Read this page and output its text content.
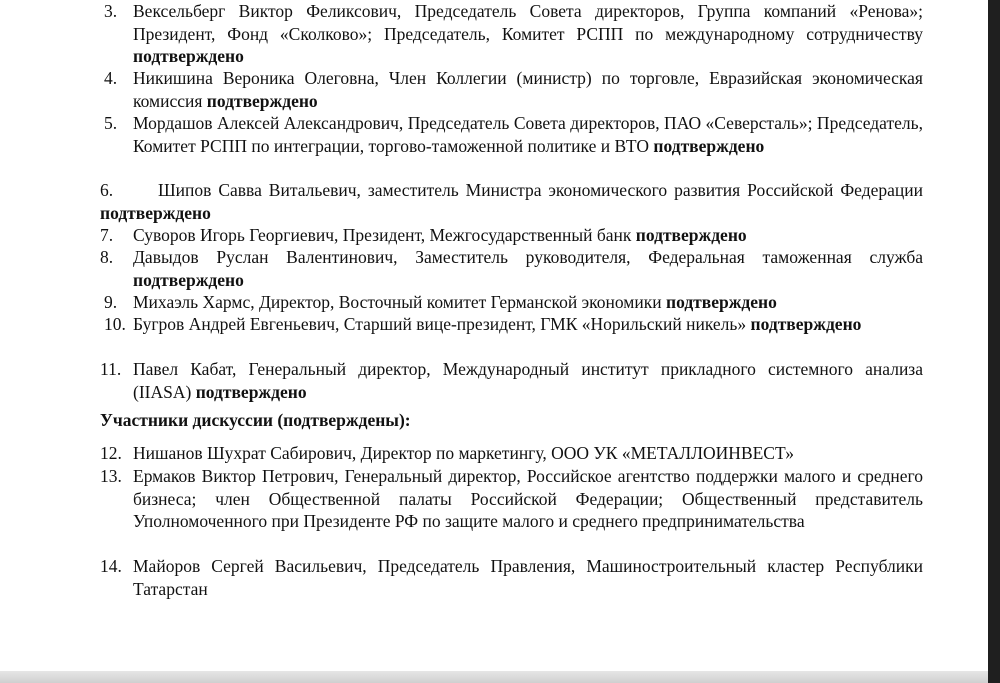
3. Вексельберг Виктор Феликсович, Председатель Совета директоров, Группа компаний «Ренова»; Президент, Фонд «Сколково»; Председатель, Комитет РСПП по международному сотрудничеству подтверждено
4. Никишина Вероника Олеговна, Член Коллегии (министр) по торговле, Евразийская экономическая комиссия подтверждено
5. Мордашов Алексей Александрович, Председатель Совета директоров, ПАО «Северсталь»; Председатель, Комитет РСПП по интеграции, торгово-таможенной политике и ВТО подтверждено
6.	Шипов Савва Витальевич, заместитель Министра экономического развития Российской Федерации подтверждено
7. Суворов Игорь Георгиевич, Президент, Межгосударственный банк подтверждено
8. Давыдов Руслан Валентинович, Заместитель руководителя, Федеральная таможенная служба подтверждено
9. Михаэль Хармс, Директор, Восточный комитет Германской экономики подтверждено
10. Бугров Андрей Евгеньевич, Старший вице-президент, ГМК «Норильский никель» подтверждено
11. Павел Кабат, Генеральный директор, Международный институт прикладного системного анализа (IIASA) подтверждено
Участники дискуссии (подтверждены):
12. Нишанов Шухрат Сабирович, Директор по маркетингу, ООО УК «МЕТАЛЛОИНВЕСТ»
13. Ермаков Виктор Петрович, Генеральный директор, Российское агентство поддержки малого и среднего бизнеса; член Общественной палаты Российской Федерации; Общественный представитель Уполномоченного при Президенте РФ по защите малого и среднего предпринимательства
14. Майоров Сергей Васильевич, Председатель Правления, Машиностроительный кластер Республики Татарстан
